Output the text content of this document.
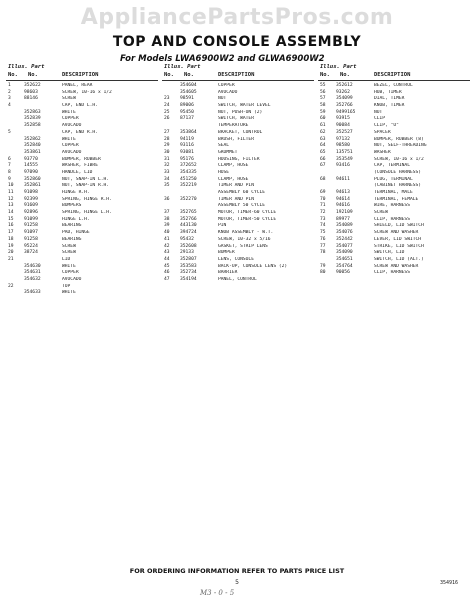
AppliancePartsPros.com
TOP AND CONSOLE ASSEMBLY
For Models LWA6900W2 and GLWA6900W2
Illus. Part
No. No.	DESCRIPTION
1	352622	PANEL, REAR
2	98603	SCREW, 10-16 x 1/2
3	88146	SCREW
4	CAP, END L.H.
352863	WHITE
352839	COPPER
352858	AVOCADO
5	CAP, END R.H.
352862	WHITE
352840	COPPER
353861	AVOCADO
6	93770	BUMPER, RUBBER
7	14555	WASHER, FIBRE
8	97090	HANDLE, LID
9	352860	NUT, SNAP-IN L.H.
10	352861	NUT, SNAP-IN R.H.
11	91098	HINGE R.H.
12	92399	SPRING, HINGE R.H.
13	91609	BUMPERS
14	92896	SPRING, HINGE L.H.
15	91099	HINGE L.H.
16	91258	BEARING
17	91097	PAD, HINGE
18	91258	BEARING
19	95224	SCREW
20	38724	SCREW
21	LID
354630	WHITE
354631	COPPER
354632	AVOCADO
22	TOP
354633	WHITE
Illus. Part
No. No.	DESCRIPTION
354604	COPPER
354605	AVOCADO
23	98591	NUT
24	89006	SWITCH, WATER LEVEL
25	95450	NUT, PUSH-ON (2)
26	87137	SWITCH, WATER
TEMPERATURE
27	353864	BRACKET, CONTROL
28	94119	BRUSH, FILTER
29	93116	SEAL
30	93081	GROMMET
31	95176	HOUSING, FILTER
32	372652	CLAMP, HOSE
33	354335	HOSE
34	451250	CLAMP, HOSE
35	352219	TIMER AND PIN
ASSEMBLY 60 CYCLE
36	352270	TIMER AND PIN
ASSEMBLY 50 CYCLE
37	352765	MOTOR, TIMER-60 CYCLE
38	352766	MOTOR, TIMER-50 CYCLE
39	443130	PIN
40	394724	KNOB ASSEMBLY - W.T.
41	95432	SCREW, 10-32 x 5/16
42	352608	GASKET, STRIP LENS
43	29133	BUMPER
44	352807	LENS, CONSOLE
45	353583	BACK-UP, CONSOLE LENS (2)
46	352734	BARRIER
47	354194	PANEL, CONTROL
Illus. Part
No. No.	DESCRIPTION
55	352612	BEZEL, CONTROL
56	93262	HUB, TIMER
57	354099	DIAL, TIMER
58	352766	KNOB, TIMER
59	9499165	NUT
60	93915	CLIP
61	90084	CLIP, "U"
62	352527	SPACER
63	97132	BUMPER, RUBBER (8)
64	98580	NUT, SELF-THREADING
65	135751	WASHER
66	353549	SCREW, 10-16 x 1/2
67	93416	CAP, TERMINAL
(CONSOLE HARNESS)
68	94611	PLUG, TERMINAL
(CABINET HARNESS)
69	94613	TERMINAL, MALE
70	94614	TERMINAL, FEMALE
71	94616	WIRE, HARNESS
72	192109	SCREW
73	89977	CLIP, HARNESS
74	354089	SHIELD, LID SWITCH
75	354076	SCREW AND WASHER
76	352442	LEVER, LID SWITCH
77	354077	STRIKE, LID SWITCH
78	354090	SWITCH, LID
354651	SWITCH, LID (ALT.)
79	354764	SCREW AND WASHER
80	90056	CLIP, HARNESS
FOR ORDERING INFORMATION REFER TO PARTS PRICE LIST
5	354916
M3 - 0 - 5
